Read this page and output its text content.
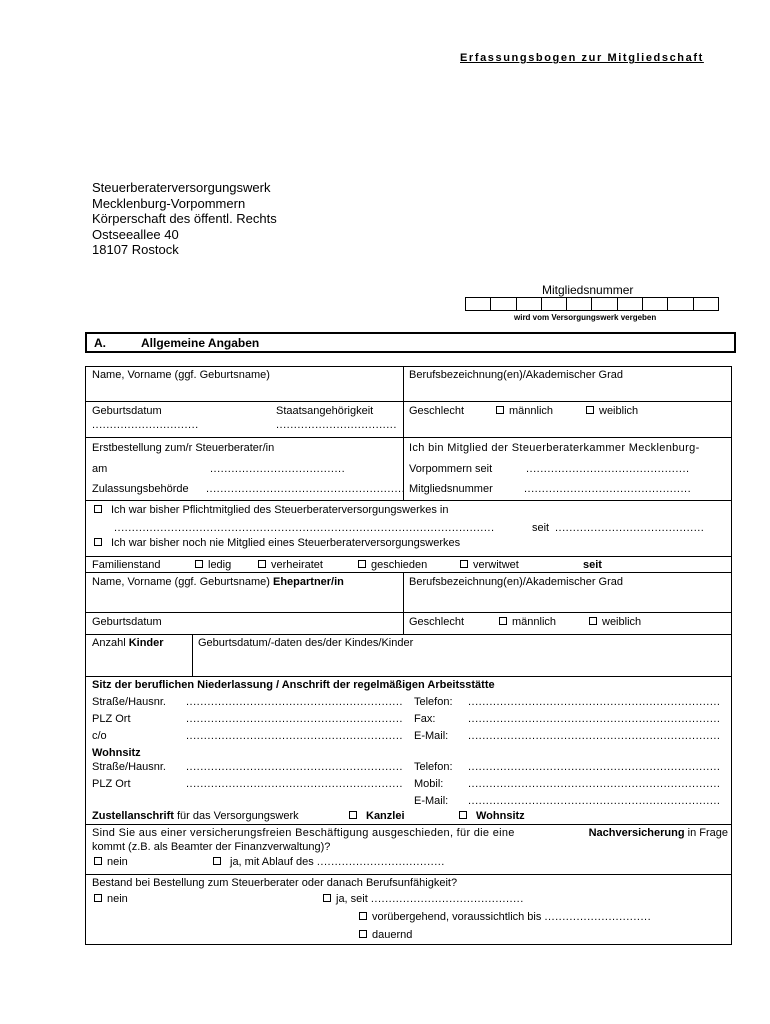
Erfassungsbogen zur Mitgliedschaft
Steuerberaterversorgungswerk
Mecklenburg-Vorpommern
Körperschaft des öffentl. Rechts
Ostseeallee 40
18107 Rostock
Mitgliedsnummer
wird vom Versorgungswerk vergeben
A.	Allgemeine Angaben
Name, Vorname (ggf. Geburtsname)	Berufsbezeichnung(en)/Akademischer Grad
Geburtsdatum
..............................
Staatsangehörigkeit
..................................
Geschlecht	männlich	weiblich
Erstbestellung zum/r Steuerberater/in
am	......................................
Zulassungsbehörde ........................................................
Ich bin Mitglied der Steuerberaterkammer Mecklenburg-
Vorpommern seit	..............................................
Mitgliedsnummer	...............................................
Ich war bisher Pflichtmitglied des Steuerberaterversorgungswerkes in
...........................................................................................................	seit ..........................................
Ich war bisher noch nie Mitglied eines Steuerberaterversorgungswerkes
Familienstand	ledig	verheiratet	geschieden	verwitwet	seit
Name, Vorname (ggf. Geburtsname) Ehepartner/in	Berufsbezeichnung(en)/Akademischer Grad
Geburtsdatum	Geschlecht	männlich	weiblich
Anzahl Kinder	Geburtsdatum/-daten des/der Kindes/Kinder
Sitz der beruflichen Niederlassung / Anschrift der regelmäßigen Arbeitsstätte
Straße/Hausnr. .............................................................
PLZ Ort	.............................................................
c/o	.............................................................
Telefon: .......................................................................
Fax:	.......................................................................
E-Mail: .......................................................................
Wohnsitz
Straße/Hausnr. .............................................................
PLZ Ort	.............................................................
Telefon: .......................................................................
Mobil: .......................................................................
E-Mail: .......................................................................
Zustellanschrift für das Versorgungswerk	Kanzlei	Wohnsitz
Sind Sie aus einer versicherungsfreien Beschäftigung ausgeschieden, für die eine	Nachversicherung in Frage
kommt (z.B. als Beamter der Finanzverwaltung)?
nein	ja, mit Ablauf des ....................................
Bestand bei Bestellung zum Steuerberater oder danach Berufsunfähigkeit?
nein	ja, seit ...........................................
vorübergehend, voraussichtlich bis ..............................
dauernd
